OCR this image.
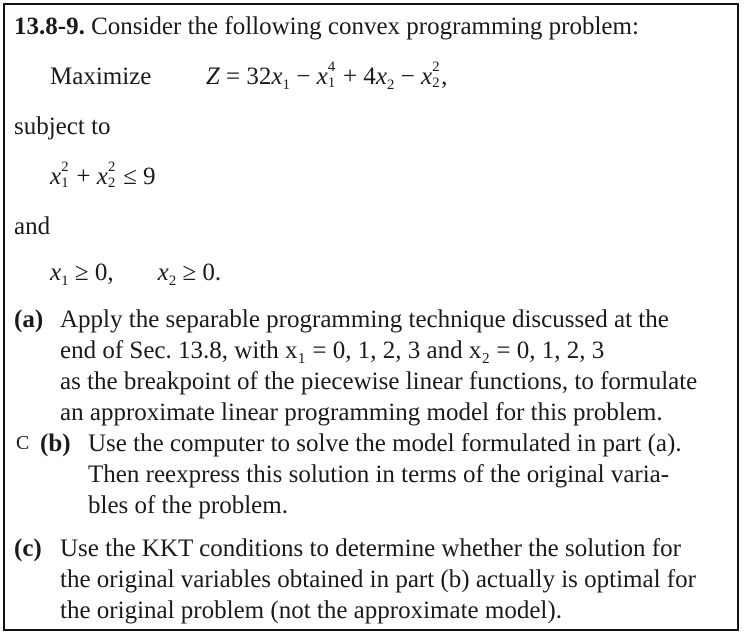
13.8-9. Consider the following convex programming problem:
Maximize $Z = 32x_1 - x$ 4
$1 + 4x_2 - x$ 2
2 ,
subject to
x 2
1 + x 2
2 ≤ 9
and
$x_1 \ge 0$, $x_2 \ge 0$.
(a) Apply the separable programming technique discussed at the
end of Sec. 13.8, with x₁ = 0, 1, 2, 3 and x₂ = 0, 1, 2, 3
as the breakpoint of the piecewise linear functions, to formulate
an approximate linear programming model for this problem.
C (b) Use the computer to solve the model formulated in part (a).
Then reexpress this solution in terms of the original varia-
bles of the problem.
(c) Use the KKT conditions to determine whether the solution for
the original variables obtained in part (b) actually is optimal for
the original problem (not the approximate model).
